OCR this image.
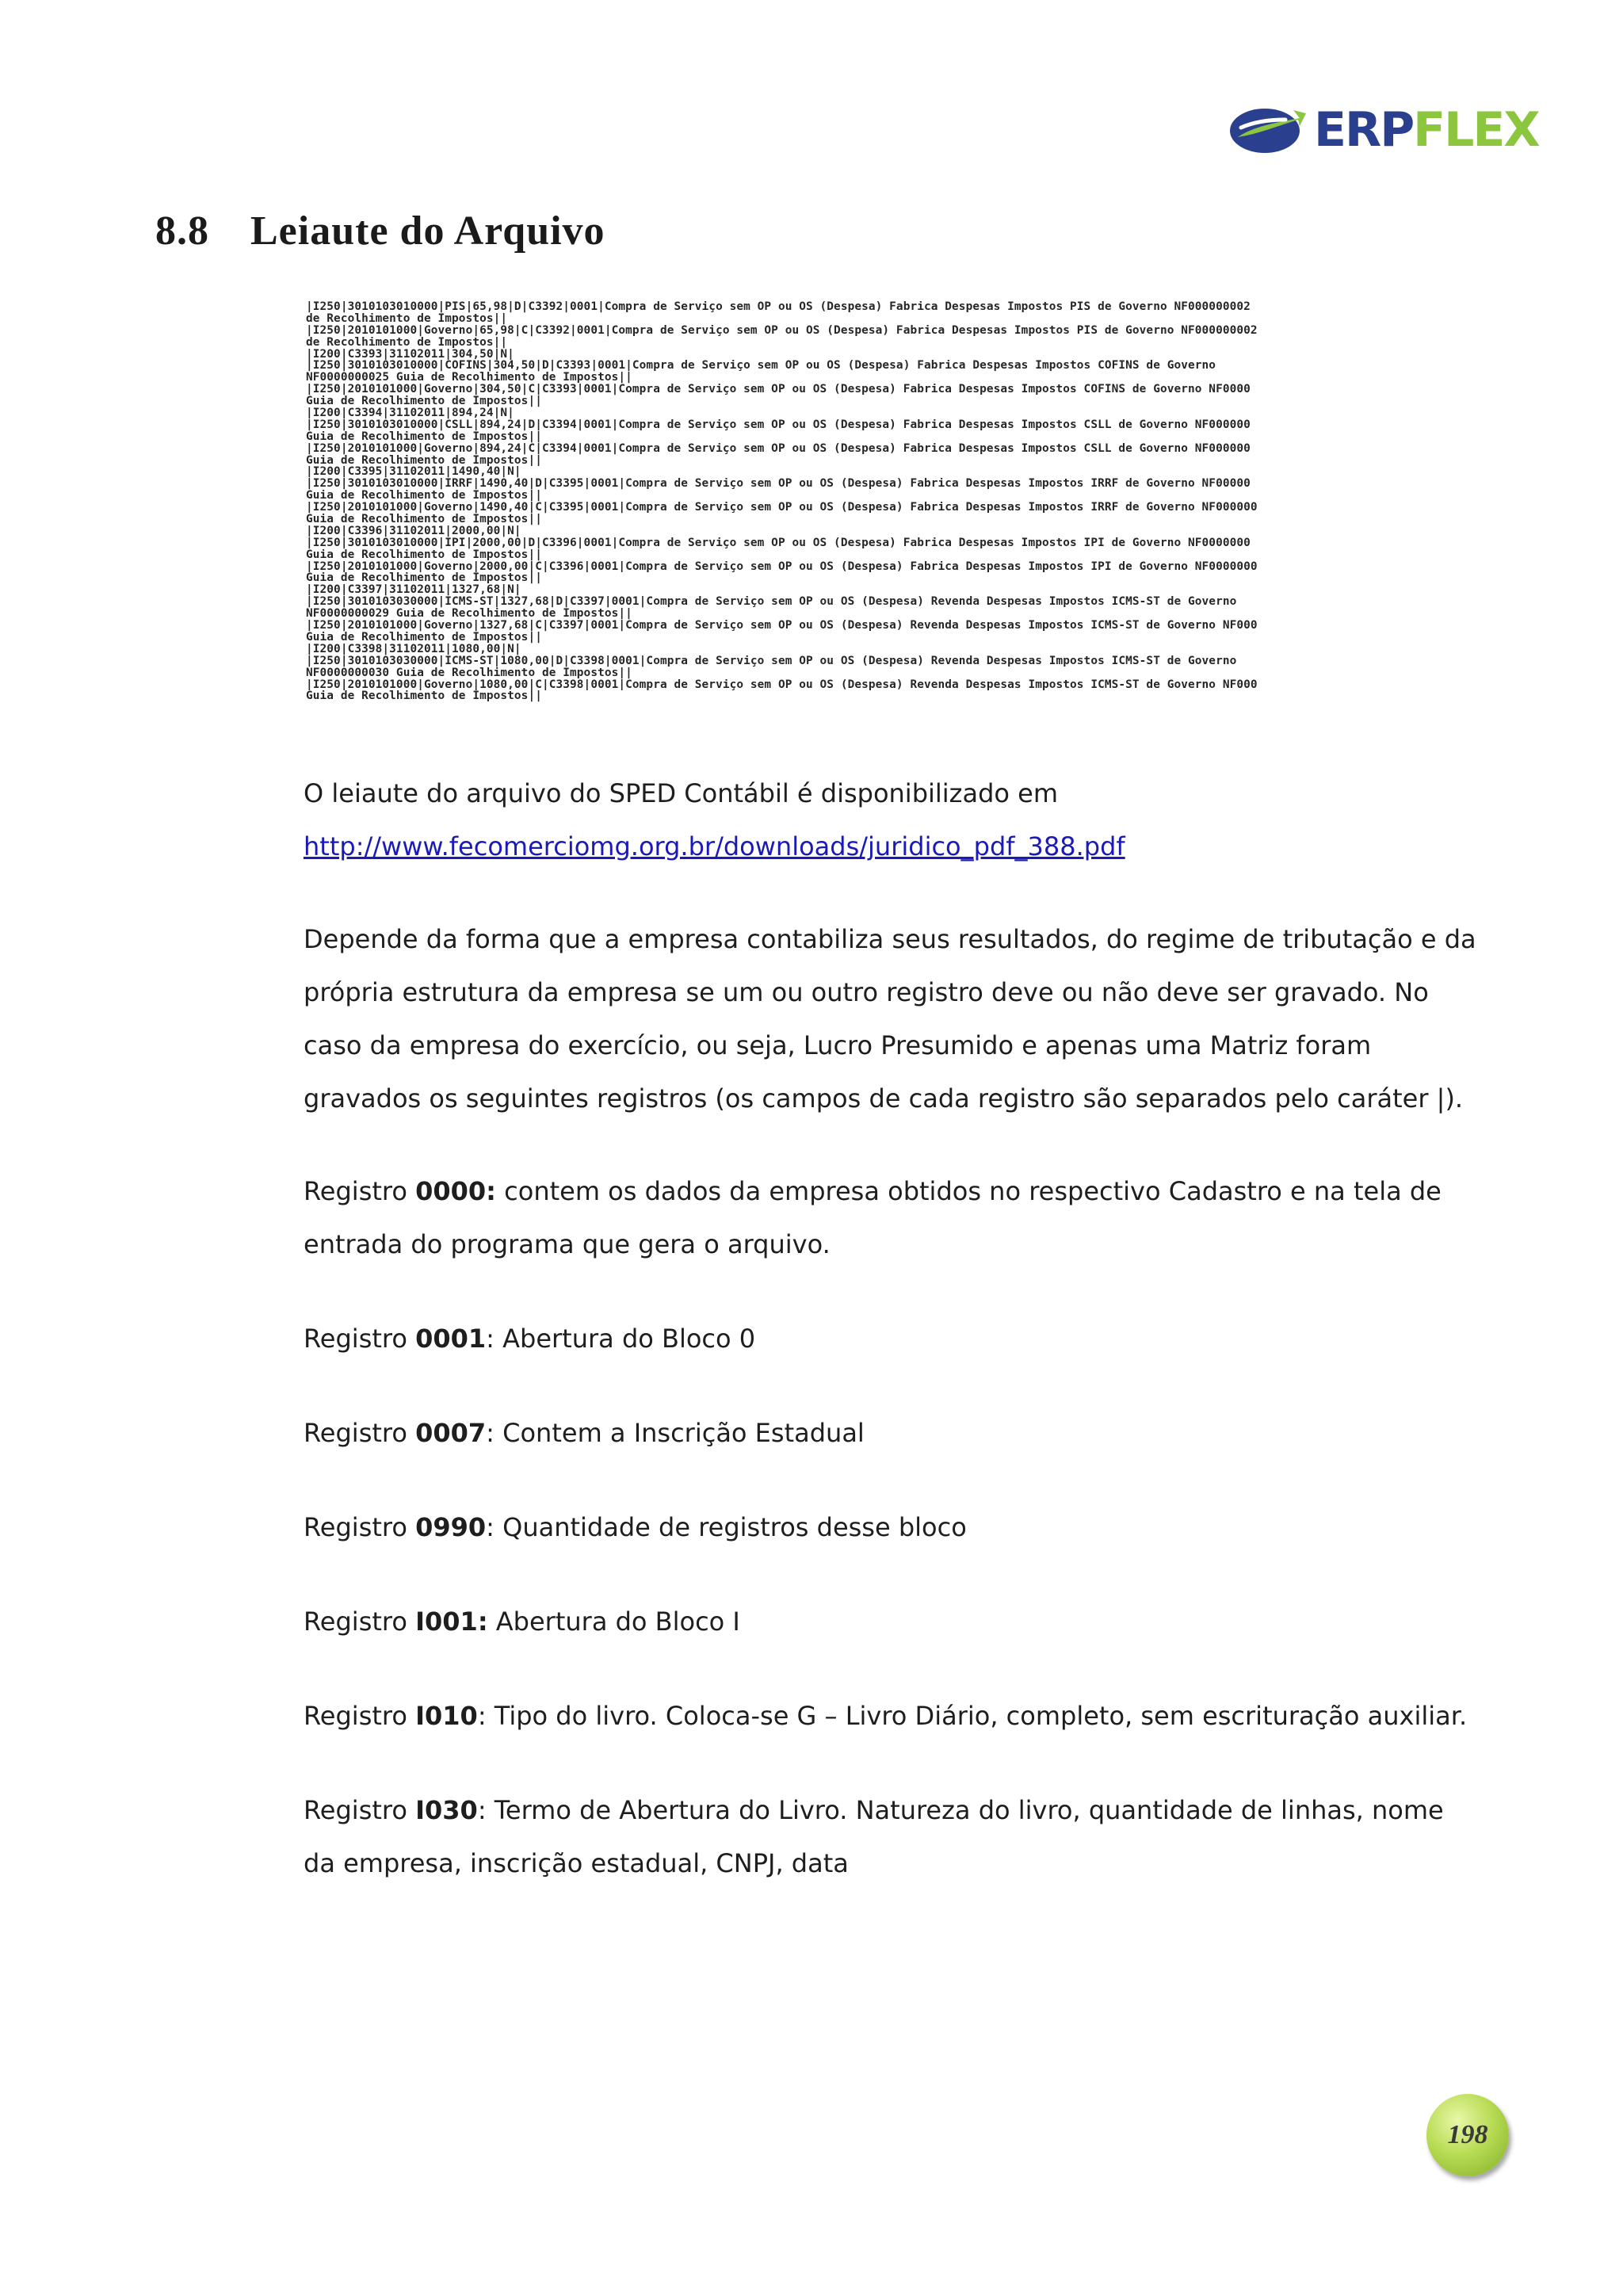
ERPFLEX
8.8 Leiaute do Arquivo
|I250|3010103010000|PIS|65,98|D|C3392|0001|Compra de Serviço sem OP ou OS (Despesa) Fabrica Despesas Impostos PIS de Governo NF000000002
de Recolhimento de Impostos||
|I250|2010101000|Governo|65,98|C|C3392|0001|Compra de Serviço sem OP ou OS (Despesa) Fabrica Despesas Impostos PIS de Governo NF000000002
de Recolhimento de Impostos||
|I200|C3393|31102011|304,50|N|
|I250|3010103010000|COFINS|304,50|D|C3393|0001|Compra de Serviço sem OP ou OS (Despesa) Fabrica Despesas Impostos COFINS de Governo
NF0000000025 Guia de Recolhimento de Impostos||
|I250|2010101000|Governo|304,50|C|C3393|0001|Compra de Serviço sem OP ou OS (Despesa) Fabrica Despesas Impostos COFINS de Governo NF0000
Guia de Recolhimento de Impostos||
|I200|C3394|31102011|894,24|N|
|I250|3010103010000|CSLL|894,24|D|C3394|0001|Compra de Serviço sem OP ou OS (Despesa) Fabrica Despesas Impostos CSLL de Governo NF000000
Guia de Recolhimento de Impostos||
|I250|2010101000|Governo|894,24|C|C3394|0001|Compra de Serviço sem OP ou OS (Despesa) Fabrica Despesas Impostos CSLL de Governo NF000000
Guia de Recolhimento de Impostos||
|I200|C3395|31102011|1490,40|N|
|I250|3010103010000|IRRF|1490,40|D|C3395|0001|Compra de Serviço sem OP ou OS (Despesa) Fabrica Despesas Impostos IRRF de Governo NF00000
Guia de Recolhimento de Impostos||
|I250|2010101000|Governo|1490,40|C|C3395|0001|Compra de Serviço sem OP ou OS (Despesa) Fabrica Despesas Impostos IRRF de Governo NF000000
Guia de Recolhimento de Impostos||
|I200|C3396|31102011|2000,00|N|
|I250|3010103010000|IPI|2000,00|D|C3396|0001|Compra de Serviço sem OP ou OS (Despesa) Fabrica Despesas Impostos IPI de Governo NF0000000
Guia de Recolhimento de Impostos||
|I250|2010101000|Governo|2000,00|C|C3396|0001|Compra de Serviço sem OP ou OS (Despesa) Fabrica Despesas Impostos IPI de Governo NF0000000
Guia de Recolhimento de Impostos||
|I200|C3397|31102011|1327,68|N|
|I250|3010103030000|ICMS-ST|1327,68|D|C3397|0001|Compra de Serviço sem OP ou OS (Despesa) Revenda Despesas Impostos ICMS-ST de Governo
NF0000000029 Guia de Recolhimento de Impostos||
|I250|2010101000|Governo|1327,68|C|C3397|0001|Compra de Serviço sem OP ou OS (Despesa) Revenda Despesas Impostos ICMS-ST de Governo NF000
Guia de Recolhimento de Impostos||
|I200|C3398|31102011|1080,00|N|
|I250|3010103030000|ICMS-ST|1080,00|D|C3398|0001|Compra de Serviço sem OP ou OS (Despesa) Revenda Despesas Impostos ICMS-ST de Governo
NF0000000030 Guia de Recolhimento de Impostos||
|I250|2010101000|Governo|1080,00|C|C3398|0001|Compra de Serviço sem OP ou OS (Despesa) Revenda Despesas Impostos ICMS-ST de Governo NF000
Guia de Recolhimento de Impostos||

O leiaute do arquivo do SPED Contábil é disponibilizado em

http://www.fecomerciomg.org.br/downloads/juridico_pdf_388.pdf

Depende da forma que a empresa contabiliza seus resultados, do regime de tributação e da própria estrutura da empresa se um ou outro registro deve ou não deve ser gravado. No caso da empresa do exercício, ou seja, Lucro Presumido e apenas uma Matriz foram gravados os seguintes registros (os campos de cada registro são separados pelo caráter |).

Registro 0000: contem os dados da empresa obtidos no respectivo Cadastro e na tela de entrada do programa que gera o arquivo.

Registro 0001: Abertura do Bloco 0

Registro 0007: Contem a Inscrição Estadual

Registro 0990: Quantidade de registros desse bloco

Registro I001: Abertura do Bloco I

Registro I010: Tipo do livro. Coloca-se G – Livro Diário, completo, sem escrituração auxiliar.

Registro I030: Termo de Abertura do Livro. Natureza do livro, quantidade de linhas, nome da empresa, inscrição estadual, CNPJ, data

198
